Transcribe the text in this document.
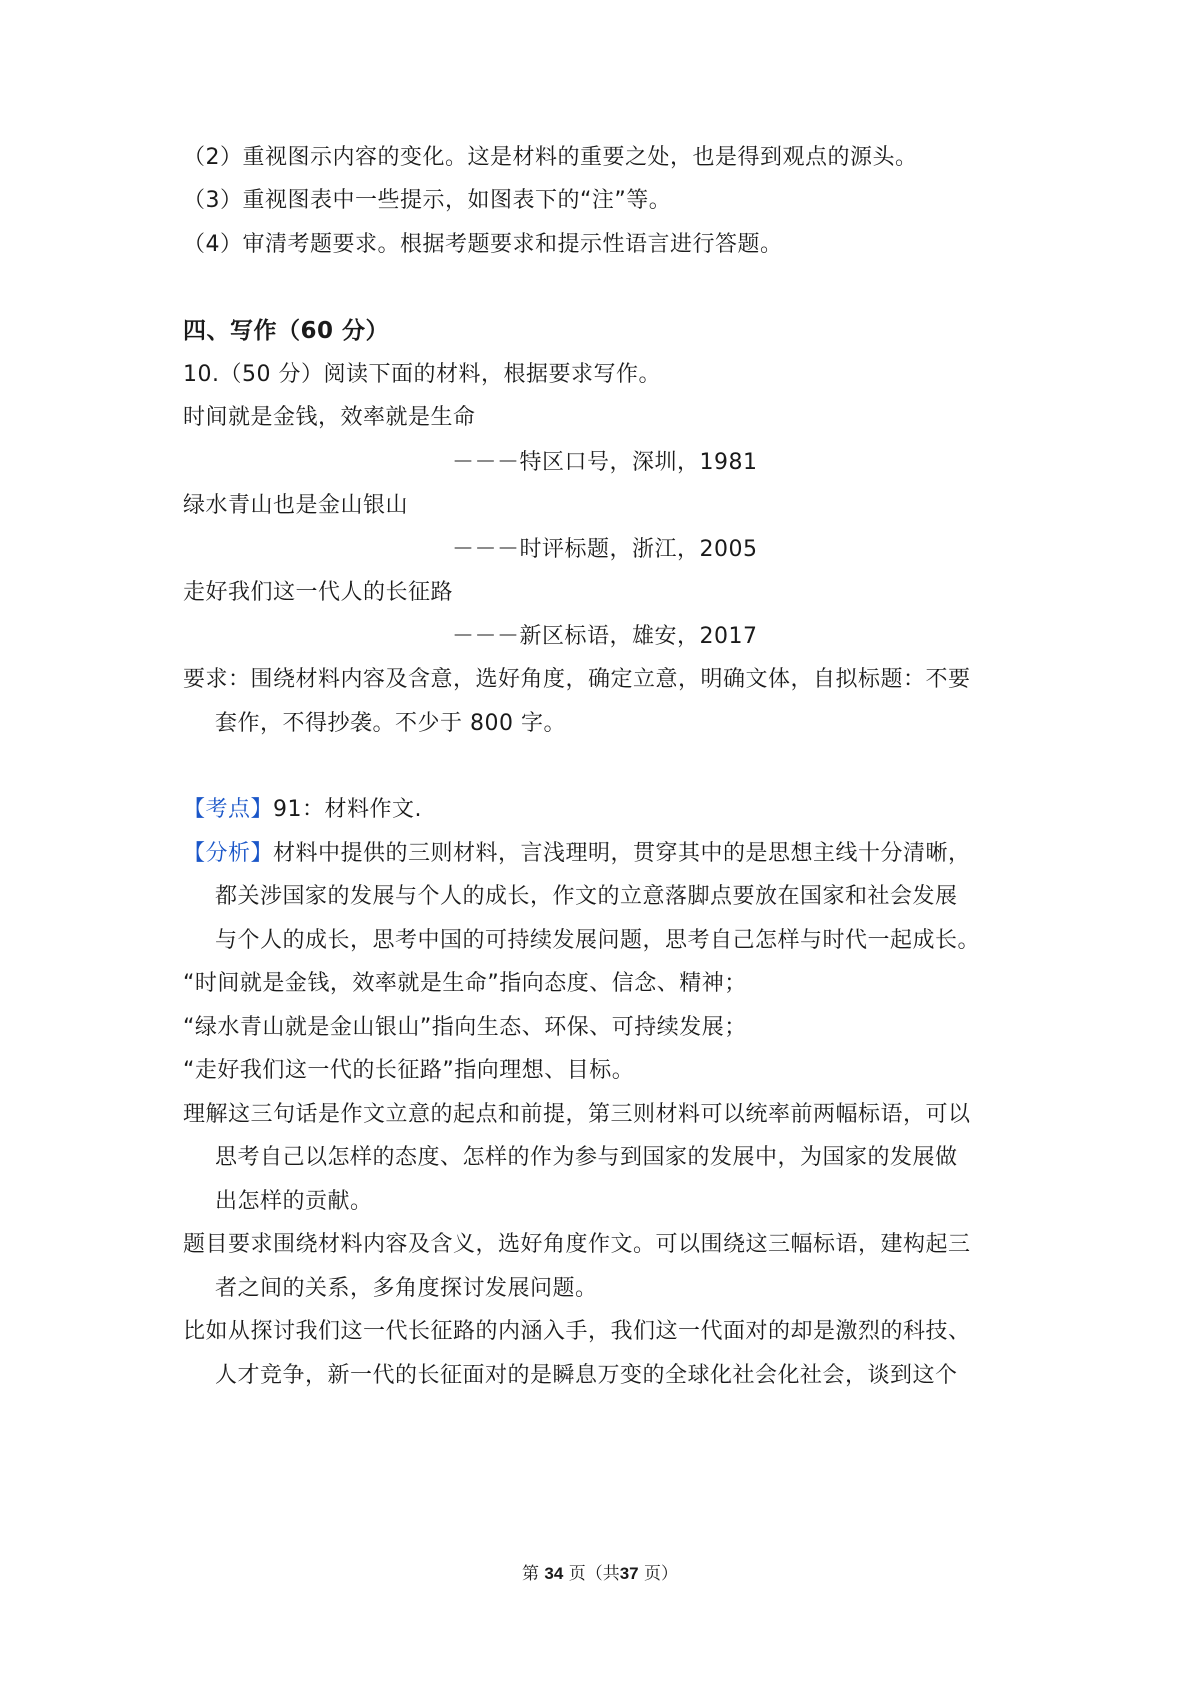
（2）重视图示内容的变化。这是材料的重要之处，也是得到观点的源头。
（3）重视图表中一些提示，如图表下的“注”等。
（4）审清考题要求。根据考题要求和提示性语言进行答题。
四、写作（60 分）
10.（50 分）阅读下面的材料，根据要求写作。
时间就是金钱，效率就是生命
－－－特区口号，深圳，1981
绿水青山也是金山银山
－－－时评标题，浙江，2005
走好我们这一代人的长征路
－－－新区标语，雄安，2017
要求：围绕材料内容及含意，选好角度，确定立意，明确文体，自拟标题：不要
套作，不得抄袭。不少于 800 字。
【考点】91：材料作文.
【分析】材料中提供的三则材料，言浅理明，贯穿其中的是思想主线十分清晰，
都关涉国家的发展与个人的成长，作文的立意落脚点要放在国家和社会发展
与个人的成长，思考中国的可持续发展问题，思考自己怎样与时代一起成长。
“时间就是金钱，效率就是生命”指向态度、信念、精神；
“绿水青山就是金山银山”指向生态、环保、可持续发展；
“走好我们这一代的长征路”指向理想、目标。
理解这三句话是作文立意的起点和前提，第三则材料可以统率前两幅标语，可以
思考自己以怎样的态度、怎样的作为参与到国家的发展中，为国家的发展做
出怎样的贡献。
题目要求围绕材料内容及含义，选好角度作文。可以围绕这三幅标语，建构起三
者之间的关系，多角度探讨发展问题。
比如从探讨我们这一代长征路的内涵入手，我们这一代面对的却是激烈的科技、
人才竞争，新一代的长征面对的是瞬息万变的全球化社会化社会，谈到这个
第 34 页（共37 页）
